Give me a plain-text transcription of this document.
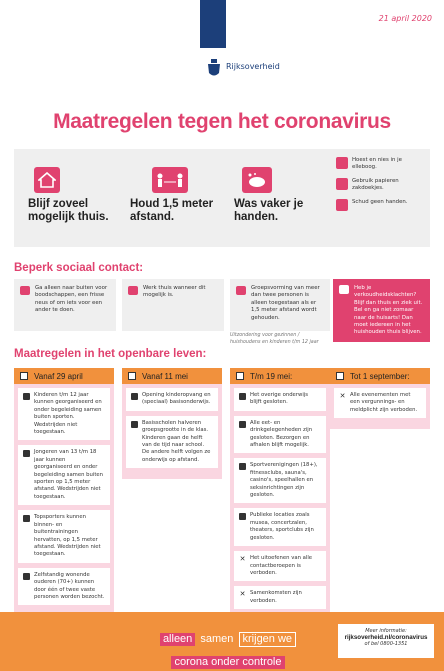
21 april 2020
Rijksoverheid
Maatregelen tegen het coronavirus
Blijf zoveel
mogelijk thuis.
Houd 1,5 meter
afstand.
Was vaker je
handen.
Hoest en nies in je elleboog.
Gebruik papieren zakdoekjes.
Schud geen handen.
Beperk sociaal contact:
Ga alleen naar buiten voor boodschappen, een frisse neus of om iets voor een ander te doen.
Werk thuis wanneer dit mogelijk is.
Groepsvorming van meer dan twee personen is alleen toegestaan als er 1,5 meter afstand wordt gehouden.
Uitzondering voor gezinnen / huishoudens en kinderen t/m 12 jaar
Heb je verkoudheidsklachten? Blijf dan thuis en ziek uit. Bel en ga niet zomaar naar de huisarts! Dan moet iedereen in het huishouden thuis blijven.
Maatregelen in het openbare leven:
Vanaf 29 april
Kinderen t/m 12 jaar kunnen georganiseerd en onder begeleiding samen buiten sporten. Wedstrijden niet toegestaan.
Jongeren van 13 t/m 18 jaar kunnen georganiseerd en onder begeleiding samen buiten sporten op 1,5 meter afstand. Wedstrijden niet toegestaan.
Topsporters kunnen binnen- en buitentrainingen hervatten, op 1,5 meter afstand. Wedstrijden niet toegestaan.
Zelfstandig wonende ouderen (70+) kunnen door één of twee vaste personen worden bezocht.
Vanaf 11 mei
Opening kinderopvang en (speciaal) basisonderwijs.
Basisscholen halveren groepsgrootte in de klas. Kinderen gaan de helft van de tijd naar school. De andere helft volgen ze onderwijs op afstand.
T/m 19 mei:
Het overige onderwijs blijft gesloten.
Alle eet- en drinkgelegenheden zijn gesloten. Bezorgen en afhalen blijft mogelijk.
Sportverenigingen (18+), fitnessclubs, sauna's, casino's, speelhallen en seksinrichtingen zijn gesloten.
Publieke locaties zoals musea, concertzalen, theaters, sportclubs zijn gesloten.
✕ Het uitoefenen van alle contactberoepen is verboden.
✕ Samenkomsten zijn verboden.
Tot 1 september:
✕ Alle evenementen met een vergunnings- en meldplicht zijn verboden.
alleen samen krijgen we
corona onder controle
Meer informatie:
rijksoverheid.nl/coronavirus
of bel 0800-1351
